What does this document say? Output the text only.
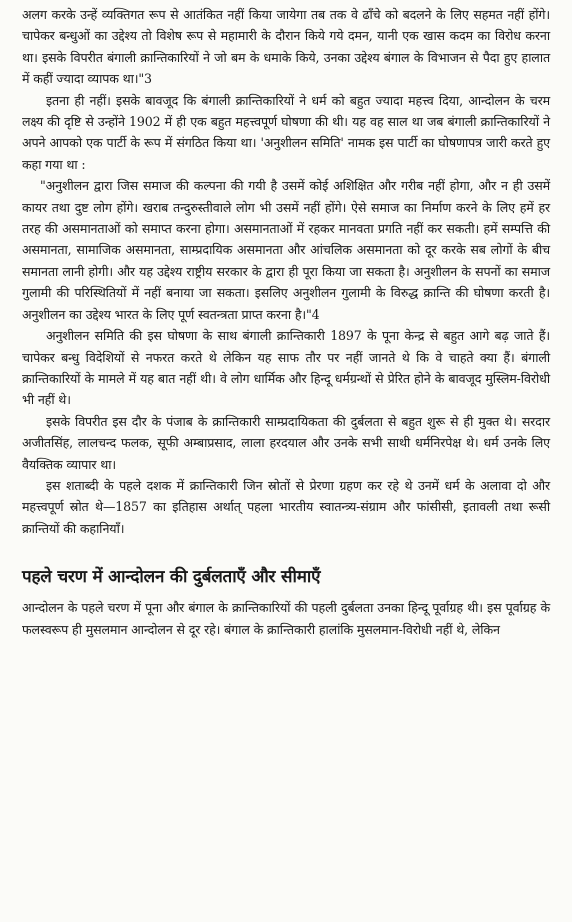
अलग करके उन्हें व्यक्तिगत रूप से आतंकित नहीं किया जायेगा तब तक वे ढाँचे को बदलने के लिए सहमत नहीं होंगे। चापेकर बन्धुओं का उद्देश्य तो विशेष रूप से महामारी के दौरान किये गये दमन, यानी एक खास कदम का विरोध करना था। इसके विपरीत बंगाली क्रान्तिकारियों ने जो बम के धमाके किये, उनका उद्देश्य बंगाल के विभाजन से पैदा हुए हालात में कहीं ज्यादा व्यापक था।"3

इतना ही नहीं। इसके बावजूद कि बंगाली क्रान्तिकारियों ने धर्म को बहुत ज्यादा महत्त्व दिया, आन्दोलन के चरम लक्ष्य की दृष्टि से उन्होंने 1902 में ही एक बहुत महत्त्वपूर्ण घोषणा की थी। यह वह साल था जब बंगाली क्रान्तिकारियों ने अपने आपको एक पार्टी के रूप में संगठित किया था। 'अनुशीलन समिति' नामक इस पार्टी का घोषणापत्र जारी करते हुए कहा गया था :

"अनुशीलन द्वारा जिस समाज की कल्पना की गयी है उसमें कोई अशिक्षित और गरीब नहीं होगा, और न ही उसमें कायर तथा दुष्ट लोग होंगे। खराब तन्दुरुस्तीवाले लोग भी उसमें नहीं होंगे। ऐसे समाज का निर्माण करने के लिए हमें हर तरह की असमानताओं को समाप्त करना होगा। असमानताओं में रहकर मानवता प्रगति नहीं कर सकती। हमें सम्पत्ति की असमानता, सामाजिक असमानता, साम्प्रदायिक असमानता और आंचलिक असमानता को दूर करके सब लोगों के बीच समानता लानी होगी। और यह उद्देश्य राष्ट्रीय सरकार के द्वारा ही पूरा किया जा सकता है। अनुशीलन के सपनों का समाज गुलामी की परिस्थितियों में नहीं बनाया जा सकता। इसलिए अनुशीलन गुलामी के विरुद्ध क्रान्ति की घोषणा करती है। अनुशीलन का उद्देश्य भारत के लिए पूर्ण स्वतन्त्रता प्राप्त करना है।"4

अनुशीलन समिति की इस घोषणा के साथ बंगाली क्रान्तिकारी 1897 के पूना केन्द्र से बहुत आगे बढ़ जाते हैं। चापेकर बन्धु विदेशियों से नफरत करते थे लेकिन यह साफ तौर पर नहीं जानते थे कि वे चाहते क्या हैं। बंगाली क्रान्तिकारियों के मामले में यह बात नहीं थी। वे लोग धार्मिक और हिन्दू धर्मग्रन्थों से प्रेरित होने के बावजूद मुस्लिम-विरोधी भी नहीं थे।

इसके विपरीत इस दौर के पंजाब के क्रान्तिकारी साम्प्रदायिकता की दुर्बलता से बहुत शुरू से ही मुक्त थे। सरदार अजीतसिंह, लालचन्द फलक, सूफी अम्बाप्रसाद, लाला हरदयाल और उनके सभी साथी धर्मनिरपेक्ष थे। धर्म उनके लिए वैयक्तिक व्यापार था।

इस शताब्दी के पहले दशक में क्रान्तिकारी जिन स्रोतों से प्रेरणा ग्रहण कर रहे थे उनमें धर्म के अलावा दो और महत्त्वपूर्ण स्रोत थे—1857 का इतिहास अर्थात् पहला भारतीय स्वातन्त्र्य-संग्राम और फांसीसी, इतावली तथा रूसी क्रान्तियों की कहानियाँ।

पहले चरण में आन्दोलन की दुर्बलताएँ और सीमाएँ

आन्दोलन के पहले चरण में पूना और बंगाल के क्रान्तिकारियों की पहली दुर्बलता उनका हिन्दू पूर्वाग्रह थी। इस पूर्वाग्रह के फलस्वरूप ही मुसलमान आन्दोलन से दूर रहे। बंगाल के क्रान्तिकारी हालांकि मुसलमान-विरोधी नहीं थे, लेकिन
